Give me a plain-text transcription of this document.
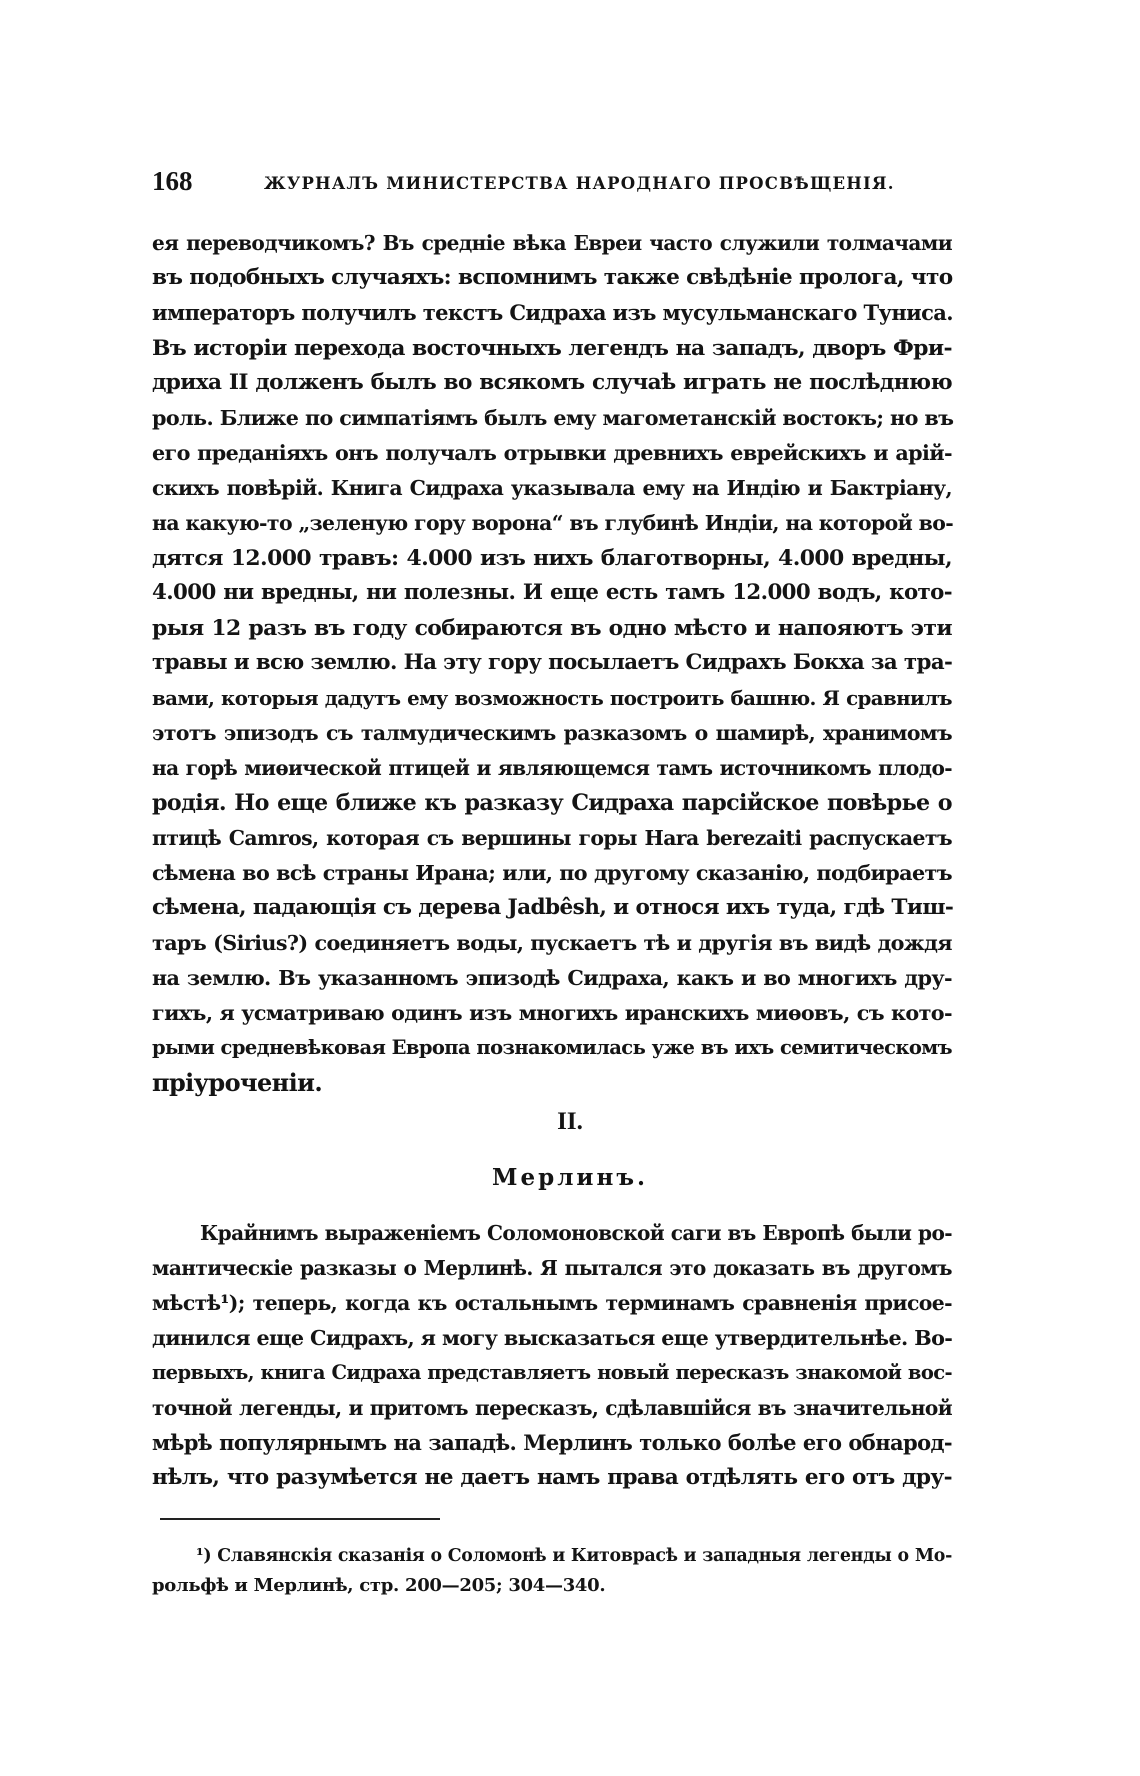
168	ЖУРНАЛЪ МИНИСТЕРСТВА НАРОДНАГО ПРОСВѢЩЕНІЯ.
ея переводчикомъ? Въ средніе вѣка Евреи часто служили толмачами
въ подобныхъ случаяхъ: вспомнимъ также свѣдѣніе пролога, что
императоръ получилъ текстъ Сидраха изъ мусульманскаго Туниса.
Въ исторіи перехода восточныхъ легендъ на западъ, дворъ Фри-
дриха II долженъ былъ во всякомъ случаѣ играть не послѣднюю
роль. Ближе по симпатіямъ былъ ему магометанскій востокъ; но въ
его преданіяхъ онъ получалъ отрывки древнихъ еврейскихъ и арій-
скихъ повѣрій. Книга Сидраха указывала ему на Индію и Бактріану,
на какую-то „зеленую гору ворона“ въ глубинѣ Индіи, на которой во-
дятся 12.000 травъ: 4.000 изъ нихъ благотворны, 4.000 вредны,
4.000 ни вредны, ни полезны. И еще есть тамъ 12.000 водъ, кото-
рыя 12 разъ въ году собираются въ одно мѣсто и напояютъ эти
травы и всю землю. На эту гору посылаетъ Сидрахъ Бокха за тра-
вами, которыя дадутъ ему возможность построить башню. Я сравнилъ
этотъ эпизодъ съ талмудическимъ разказомъ о шамирѣ, хранимомъ
на горѣ миѳической птицей и являющемся тамъ источникомъ плодо-
родія. Но еще ближе къ разказу Сидраха парсійское повѣрье о
птицѣ Camros, которая съ вершины горы Hara berezaiti распускаетъ
сѣмена во всѣ страны Ирана; или, по другому сказанію, подбираетъ
сѣмена, падающія съ дерева Jadbêsh, и относя ихъ туда, гдѣ Тиш-
таръ (Sirius?) соединяетъ воды, пускаетъ тѣ и другія въ видѣ дождя
на землю. Въ указанномъ эпизодѣ Сидраха, какъ и во многихъ дру-
гихъ, я усматриваю одинъ изъ многихъ иранскихъ миѳовъ, съ кото-
рыми средневѣковая Европа познакомилась уже въ ихъ семитическомъ
пріуроченіи.
II.
Мерлинъ.
Крайнимъ выраженіемъ Соломоновской саги въ Европѣ были ро-
мантическіе разказы о Мерлинѣ. Я пытался это доказать въ другомъ
мѣстѣ¹); теперь, когда къ остальнымъ терминамъ сравненія присое-
динился еще Сидрахъ, я могу высказаться еще утвердительнѣе. Во-
первыхъ, книга Сидраха представляетъ новый пересказъ знакомой вос-
точной легенды, и притомъ пересказъ, сдѣлавшійся въ значительной
мѣрѣ популярнымъ на западѣ. Мерлинъ только болѣе его обнарод-
нѣлъ, что разумѣется не даетъ намъ права отдѣлять его отъ дру-
¹) Славянскія сказанія о Соломонѣ и Китоврасѣ и западныя легенды о Мо-
рольфѣ и Мерлинѣ, стр. 200—205; 304—340.
